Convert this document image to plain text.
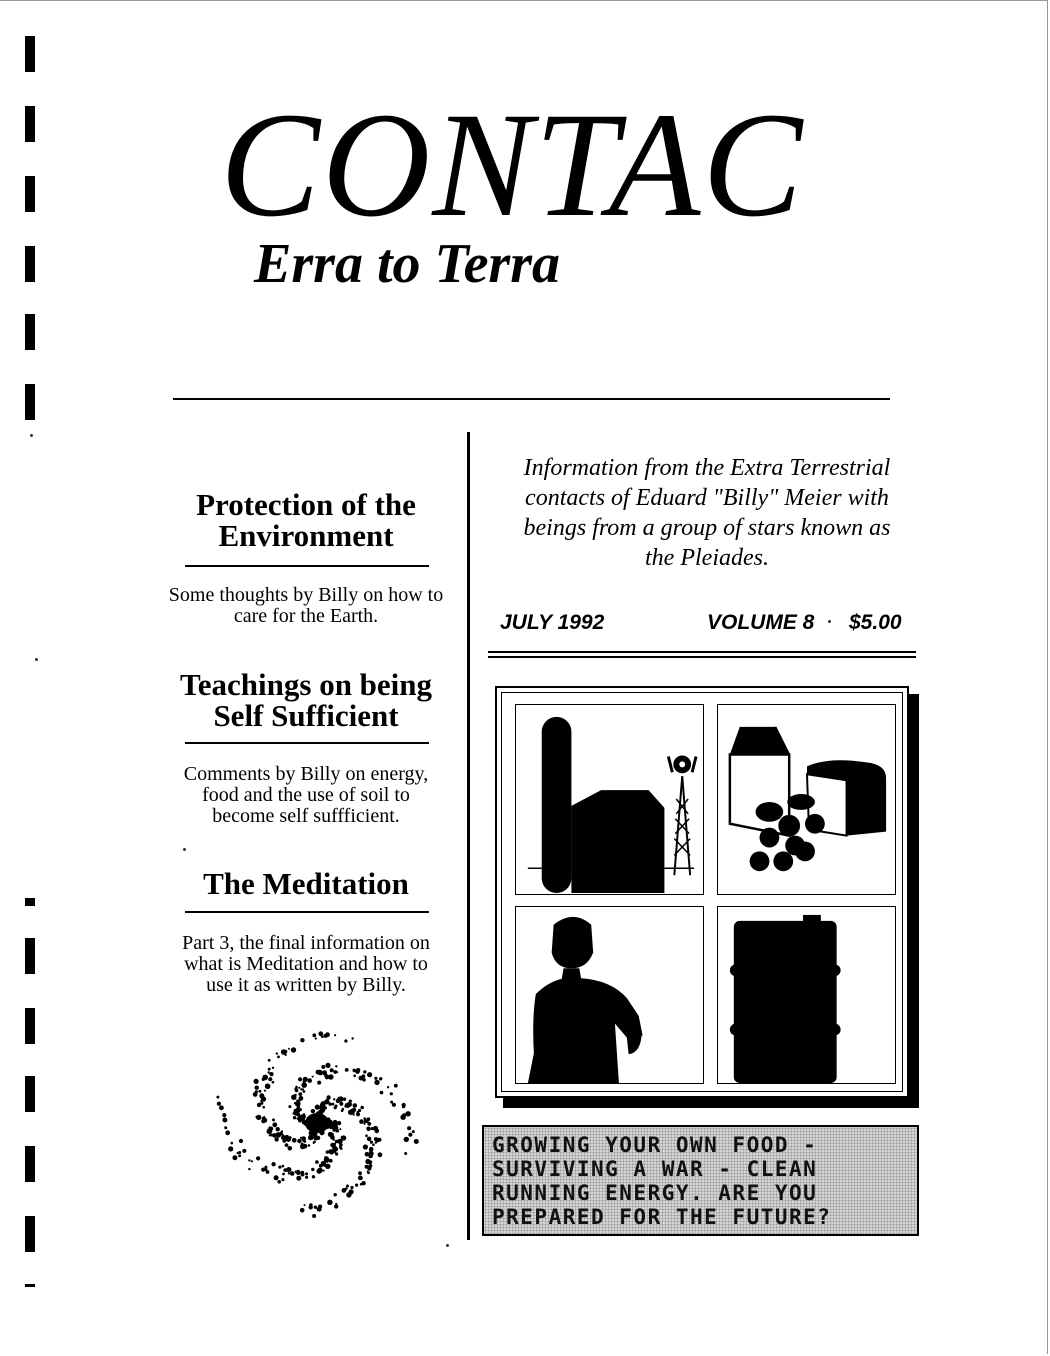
CONTAC
Erra to Terra
Protection of the
Environment
Some thoughts by Billy on how to
care for the Earth.
Teachings on being
Self Sufficient
Comments by Billy on energy,
food and the use of soil to
become self suffficient.
The Meditation
Part 3, the final information on
what is Meditation and how to
use it as written by Billy.
Information from the Extra Terrestrial
contacts of Eduard "Billy" Meier with
beings from a group of stars known as
the Pleiades.
JULY 1992	VOLUME 8 $5.00
GROWING YOUR OWN FOOD -
SURVIVING A WAR - CLEAN
RUNNING ENERGY. ARE YOU
PREPARED FOR THE FUTURE?
